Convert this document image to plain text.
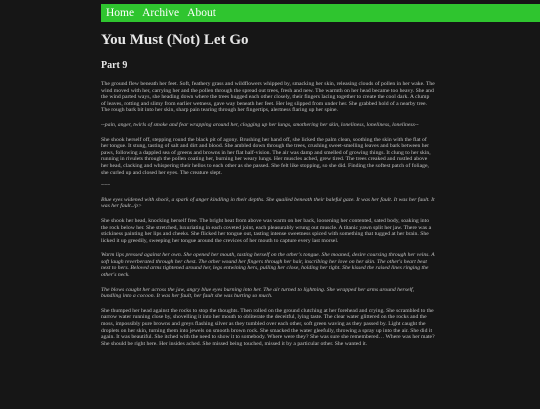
Home Archive About
You Must (Not) Let Go
Part 9

The ground flew beneath her feet. Soft, feathery grass and wildflowers whipped by, smacking her skin, releasing clouds of pollen in her wake. The wind moved with her, carrying her and the pollen through the spread out trees, fresh and new. The warmth on her head became too heavy. She and the wind parted ways, she heading down where the trees hugged each other closely, their fingers lacing together to create the cool dark. A clump of leaves, rotting and slimy from earlier wetness, gave way beneath her feet. Her leg slipped from under her. She grabbed hold of a nearby tree. The rough bark bit into her skin, sharp pain tearing through her fingertips, alertness flaring up her spine.

--pain, anger, twirls of smoke and fear wrapping around her, clogging up her lungs, smothering her skin, loneliness, loneliness, loneliness--

She shook herself off, stepping round the black pit of agony. Brushing her hand off, she licked the palm clean, soothing the skin with the flat of her tongue. It stung, tasting of salt and dirt and blood. She ambled down through the trees, crushing sweet-smelling leaves and bark between her paws, following a dappled sea of greens and browns in her flat half-vision. The air was damp and smelled of growing things. It clung to her skin, running in rivulets through the pollen coating her, burning her weary lungs. Her muscles ached, grew tired. The trees creaked and rustled above her head, clacking and whispering their hellos to each other as she passed. She felt like stopping, so she did. Finding the softest patch of foliage, she curled up and closed her eyes. The creature slept.

~~~

Blue eyes widened with shock, a spark of anger kindling in their depths. She quailed beneath their baleful gaze. It was her fault. It was her fault. It was her fault../p>

She shook her head, knocking herself free. The bright heat from above was warm on her back, loosening her contented, sated body, soaking into the rock below her. She stretched, luxuriating in each coveted joint, each pleasurably wrung out muscle. A titanic yawn split her jaw. There was a stickiness painting her lips and cheeks. She flicked her tongue out, tasting intense sweetness spiced with something that tugged at her brain. She licked it up greedily, sweeping her tongue around the crevices of her mouth to capture every last morsel.

Warm lips pressed against her own. She opened her mouth, tasting herself on the other's tongue. She moaned, desire coursing through her veins. A soft laugh reverberated through her chest. The other wound her fingers through her hair, inscribing her love on her skin. The other's heart beat next to hers. Beloved arms tightened around her, legs entwining hers, pulling her close, holding her tight. She kissed the raised lines ringing the other's neck.

The blows caught her across the jaw, angry blue eyes burning into her. The air turned to lightning. She wrapped her arms around herself, bundling into a cocoon. It was her fault, her fault she was hurting so much.

She thumped her head against the rocks to stop the thoughts. Then rolled on the ground clutching at her forehead and crying. She scrambled to the narrow water running close by, shovelling it into her mouth to obliterate the deceitful, lying taste. The clear water glittered on the rocks and the moss, impossibly pure browns and greys flashing silver as they tumbled over each other, soft green waving as they passed by. Light caught the droplets on her skin, turning them into jewels on smooth brown rock. She smacked the water gleefully, throwing a spray up into the air. She did it again. It was beautiful. She itched with the need to show it to somebody. Where were they? She was sure she remembered… Where was her mate? She should be right here. Her insides ached. She missed being touched, missed it by a particular other. She wanted it.
